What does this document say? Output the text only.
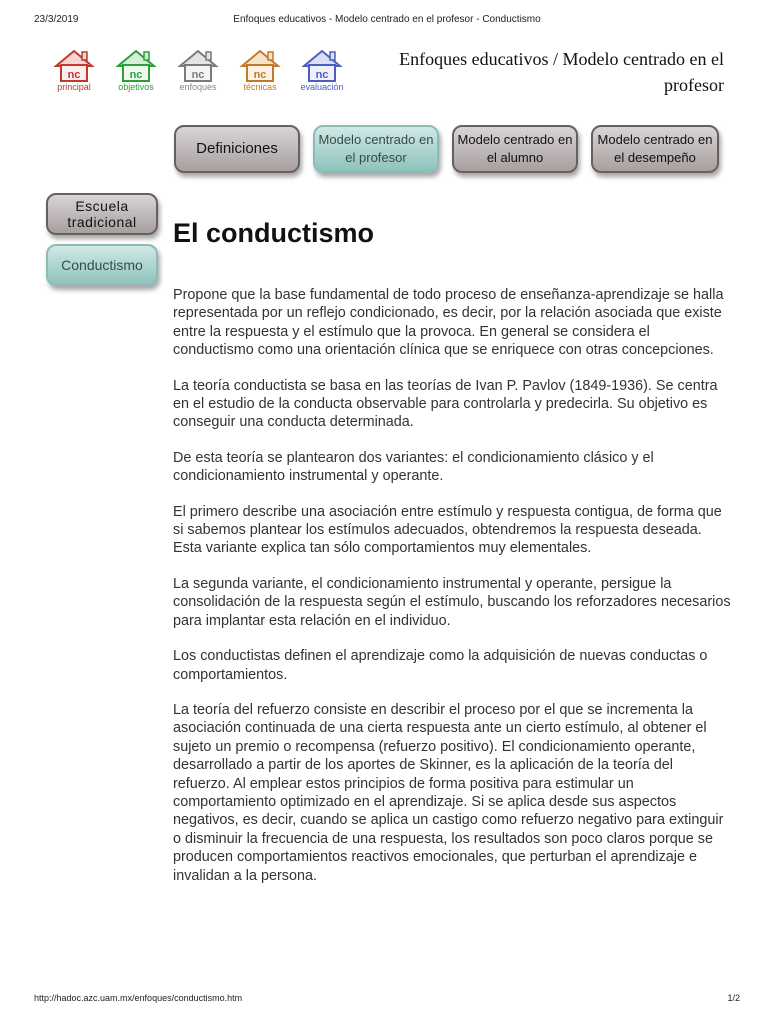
23/3/2019	Enfoques educativos - Modelo centrado en el profesor - Conductismo
nc
principal
nc
objetivos
nc
enfoques
nc
técnicas
nc
evaluación
Enfoques educativos / Modelo centrado en el profesor
Definiciones
Modelo centrado en el profesor
Modelo centrado en el alumno
Modelo centrado en el desempeño
Escuela tradicional
Conductismo
El conductismo

Propone que la base fundamental de todo proceso de enseñanza-aprendizaje se halla representada por un reflejo condicionado, es decir, por la relación asociada que existe entre la respuesta y el estímulo que la provoca. En general se considera el conductismo como una orientación clínica que se enriquece con otras concepciones.

La teoría conductista se basa en las teorías de Ivan P. Pavlov (1849-1936). Se centra en el estudio de la conducta observable para controlarla y predecirla. Su objetivo es conseguir una conducta determinada.

De esta teoría se plantearon dos variantes: el condicionamiento clásico y el condicionamiento instrumental y operante.

El primero describe una asociación entre estímulo y respuesta contigua, de forma que si sabemos plantear los estímulos adecuados, obtendremos la respuesta deseada. Esta variante explica tan sólo comportamientos muy elementales.

La segunda variante, el condicionamiento instrumental y operante, persigue la consolidación de la respuesta según el estímulo, buscando los reforzadores necesarios para implantar esta relación en el individuo.

Los conductistas definen el aprendizaje como la adquisición de nuevas conductas o comportamientos.

La teoría del refuerzo consiste en describir el proceso por el que se incrementa la asociación continuada de una cierta respuesta ante un cierto estímulo, al obtener el sujeto un premio o recompensa (refuerzo positivo). El condicionamiento operante, desarrollado a partir de los aportes de Skinner, es la aplicación de la teoría del refuerzo. Al emplear estos principios de forma positiva para estimular un comportamiento optimizado en el aprendizaje. Si se aplica desde sus aspectos negativos, es decir, cuando se aplica un castigo como refuerzo negativo para extinguir o disminuir la frecuencia de una respuesta, los resultados son poco claros porque se producen comportamientos reactivos emocionales, que perturban el aprendizaje e invalidan a la persona.

http://hadoc.azc.uam.mx/enfoques/conductismo.htm	1/2
